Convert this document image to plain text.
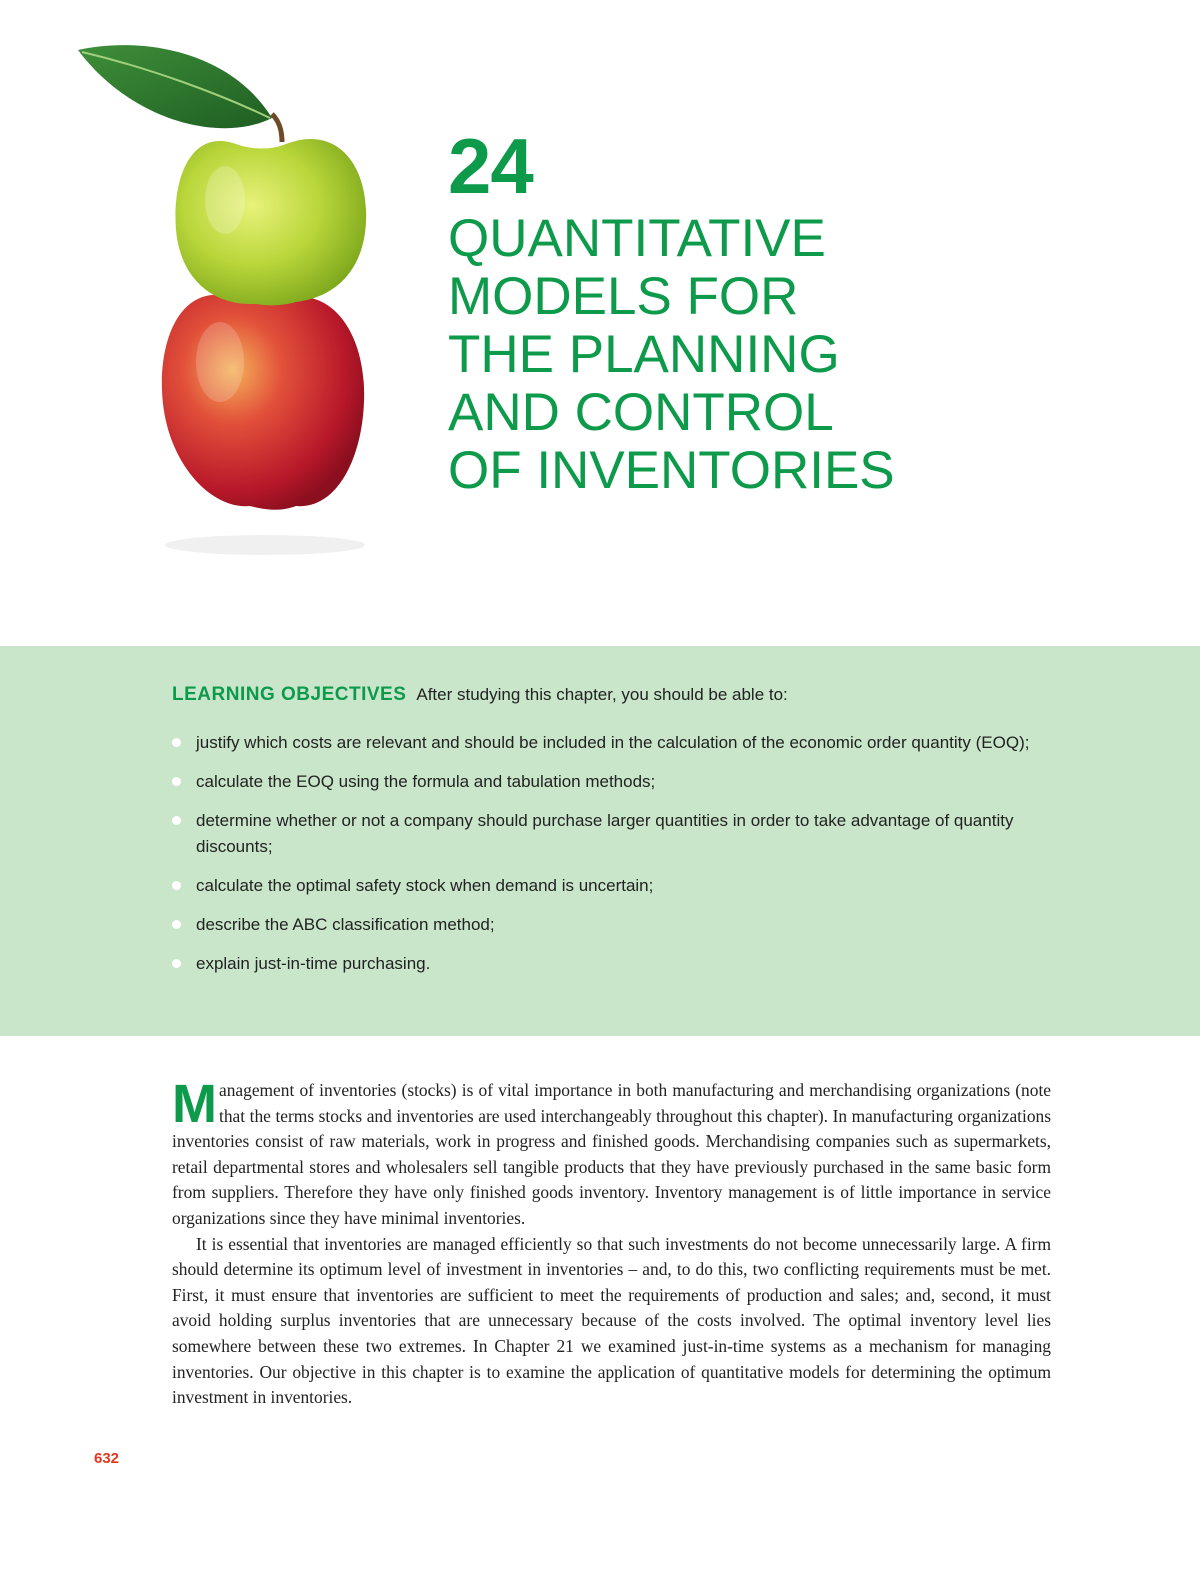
24
QUANTITATIVE
MODELS FOR
THE PLANNING
AND CONTROL
OF INVENTORIES
LEARNING OBJECTIVES After studying this chapter, you should be able to:
justify which costs are relevant and should be included in the calculation of the economic order quantity (EOQ);
calculate the EOQ using the formula and tabulation methods;
determine whether or not a company should purchase larger quantities in order to take advantage of quantity discounts;
calculate the optimal safety stock when demand is uncertain;
describe the ABC classification method;
explain just-in-time purchasing.

Management of inventories (stocks) is of vital importance in both manufacturing and merchandising organizations (note that the terms stocks and inventories are used interchangeably throughout this chapter). In manufacturing organizations inventories consist of raw materials, work in progress and finished goods. Merchandising companies such as supermarkets, retail departmental stores and wholesalers sell tangible products that they have previously purchased in the same basic form from suppliers. Therefore they have only finished goods inventory. Inventory management is of little importance in service organizations since they have minimal inventories.

It is essential that inventories are managed efficiently so that such investments do not become unnecessarily large. A firm should determine its optimum level of investment in inventories – and, to do this, two conflicting requirements must be met. First, it must ensure that inventories are sufficient to meet the requirements of production and sales; and, second, it must avoid holding surplus inventories that are unnecessary because of the costs involved. The optimal inventory level lies somewhere between these two extremes. In Chapter 21 we examined just-in-time systems as a mechanism for managing inventories. Our objective in this chapter is to examine the application of quantitative models for determining the optimum investment in inventories.

632
